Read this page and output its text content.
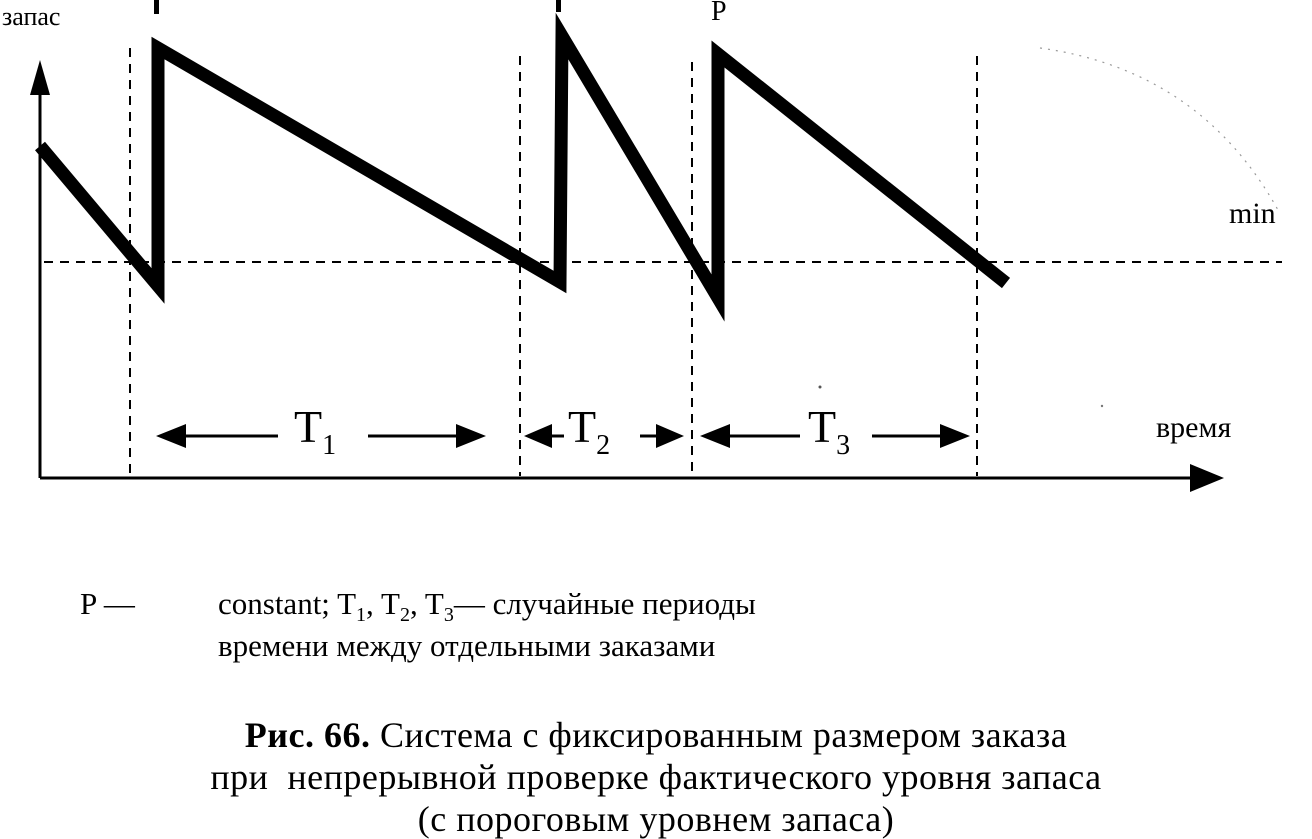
запас
время
min
P
$T_1$	$T_2$	$T_3$
P —	constant; $T_1$, $T_2$, $T_3—$ случайные периоды
времени между отдельными заказами
Рис. 66. Система с фиксированным размером заказа
при  непрерывной проверке фактического уровня запаса
(с пороговым уровнем запаса)
